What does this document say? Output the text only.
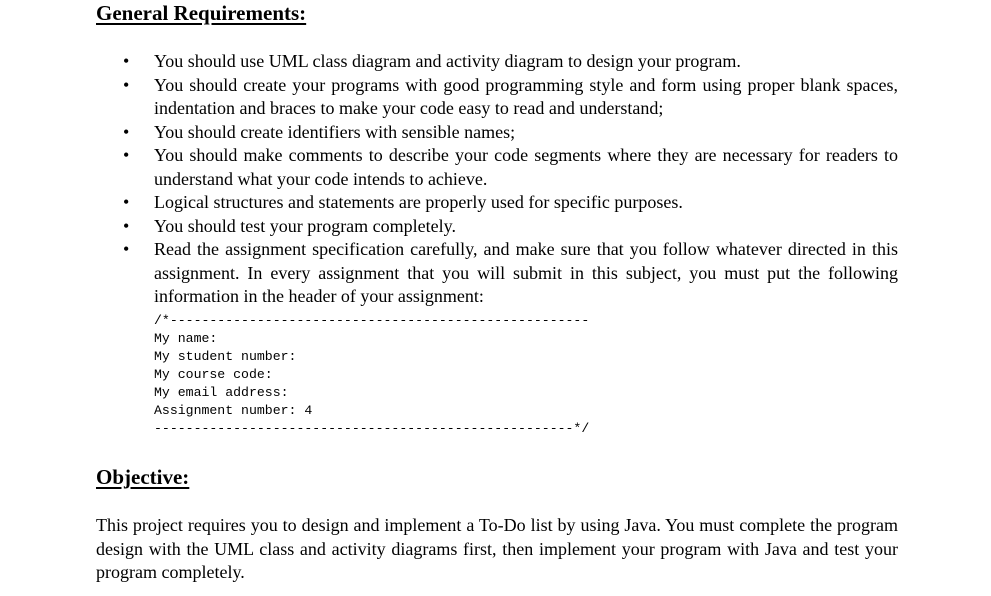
General Requirements:
• You should use UML class diagram and activity diagram to design your program.
• You should create your programs with good programming style and form using proper blank spaces, indentation and braces to make your code easy to read and understand;
• You should create identifiers with sensible names;
• You should make comments to describe your code segments where they are necessary for readers to understand what your code intends to achieve.
• Logical structures and statements are properly used for specific purposes.
• You should test your program completely.
• Read the assignment specification carefully, and make sure that you follow whatever directed in this assignment. In every assignment that you will submit in this subject, you must put the following information in the header of your assignment:
/*-----------------------------------------------------
My name:
My student number:
My course code:
My email address:
Assignment number: 4
-----------------------------------------------------*/
Objective:

This project requires you to design and implement a To-Do list by using Java. You must complete the program design with the UML class and activity diagrams first, then implement your program with Java and test your program completely.
